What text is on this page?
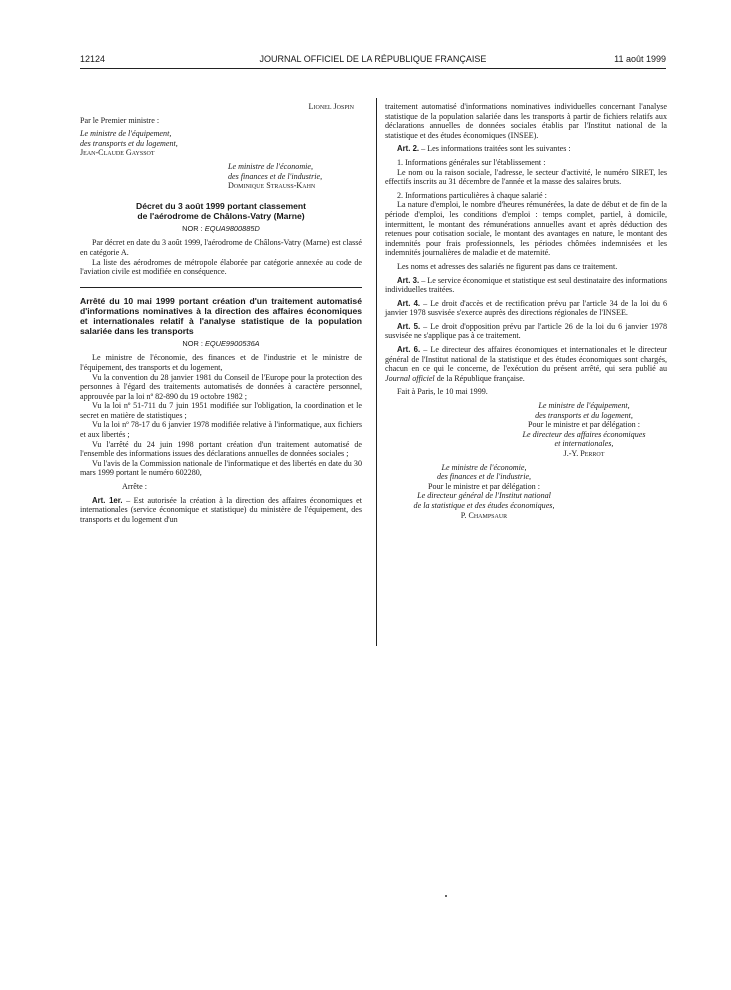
12124	JOURNAL OFFICIEL DE LA RÉPUBLIQUE FRANÇAISE	11 août 1999

Lionel Jospin

Par le Premier ministre :

Le ministre de l'équipement,

des transports et du logement,

Jean-Claude Gayssot

Le ministre de l'économie,

des finances et de l'industrie,

Dominique Strauss-Kahn

Décret du 3 août 1999 portant classement
de l'aérodrome de Châlons-Vatry (Marne)
NOR : EQUA9800885D

Par décret en date du 3 août 1999, l'aérodrome de Châlons-Vatry (Marne) est classé en catégorie A.

La liste des aérodromes de métropole élaborée par catégorie annexée au code de l'aviation civile est modifiée en conséquence.

Arrêté du 10 mai 1999 portant création d'un traitement automatisé d'informations nominatives à la direction des affaires économiques et internationales relatif à l'analyse statistique de la population salariée dans les transports
NOR : EQUE9900536A

Le ministre de l'économie, des finances et de l'industrie et le ministre de l'équipement, des transports et du logement,

Vu la convention du 28 janvier 1981 du Conseil de l'Europe pour la protection des personnes à l'égard des traitements automatisés de données à caractère personnel, approuvée par la loi nº 82-890 du 19 octobre 1982 ;

Vu la loi nº 51-711 du 7 juin 1951 modifiée sur l'obligation, la coordination et le secret en matière de statistiques ;

Vu la loi nº 78-17 du 6 janvier 1978 modifiée relative à l'informatique, aux fichiers et aux libertés ;

Vu l'arrêté du 24 juin 1998 portant création d'un traitement automatisé de l'ensemble des informations issues des déclarations annuelles de données sociales ;

Vu l'avis de la Commission nationale de l'informatique et des libertés en date du 30 mars 1999 portant le numéro 602280,

Arrête :

Art. 1er. – Est autorisée la création à la direction des affaires économiques et internationales (service économique et statistique) du ministère de l'équipement, des transports et du logement d'un

traitement automatisé d'informations nominatives individuelles concernant l'analyse statistique de la population salariée dans les transports à partir de fichiers relatifs aux déclarations annuelles de données sociales établis par l'Institut national de la statistique et des études économiques (INSEE).

Art. 2. – Les informations traitées sont les suivantes :

1. Informations générales sur l'établissement :

Le nom ou la raison sociale, l'adresse, le secteur d'activité, le numéro SIRET, les effectifs inscrits au 31 décembre de l'année et la masse des salaires bruts.

2. Informations particulières à chaque salarié :

La nature d'emploi, le nombre d'heures rémunérées, la date de début et de fin de la période d'emploi, les conditions d'emploi : temps complet, partiel, à domicile, intermittent, le montant des rémunérations annuelles avant et après déduction des retenues pour cotisation sociale, le montant des avantages en nature, le montant des indemnités pour frais professionnels, les périodes chômées indemnisées et les indemnités journalières de maladie et de maternité.

Les noms et adresses des salariés ne figurent pas dans ce traitement.

Art. 3. – Le service économique et statistique est seul destinataire des informations individuelles traitées.

Art. 4. – Le droit d'accès et de rectification prévu par l'article 34 de la loi du 6 janvier 1978 susvisée s'exerce auprès des directions régionales de l'INSEE.

Art. 5. – Le droit d'opposition prévu par l'article 26 de la loi du 6 janvier 1978 susvisée ne s'applique pas à ce traitement.

Art. 6. – Le directeur des affaires économiques et internationales et le directeur général de l'Institut national de la statistique et des études économiques sont chargés, chacun en ce qui le concerne, de l'exécution du présent arrêté, qui sera publié au Journal officiel de la République française.

Fait à Paris, le 10 mai 1999.

Le ministre de l'équipement,

des transports et du logement,

Pour le ministre et par délégation :

Le directeur des affaires économiques

et internationales,

J.-Y. Perrot

Le ministre de l'économie,

des finances et de l'industrie,

Pour le ministre et par délégation :

Le directeur général de l'Institut national

de la statistique et des études économiques,

P. Champsaur
